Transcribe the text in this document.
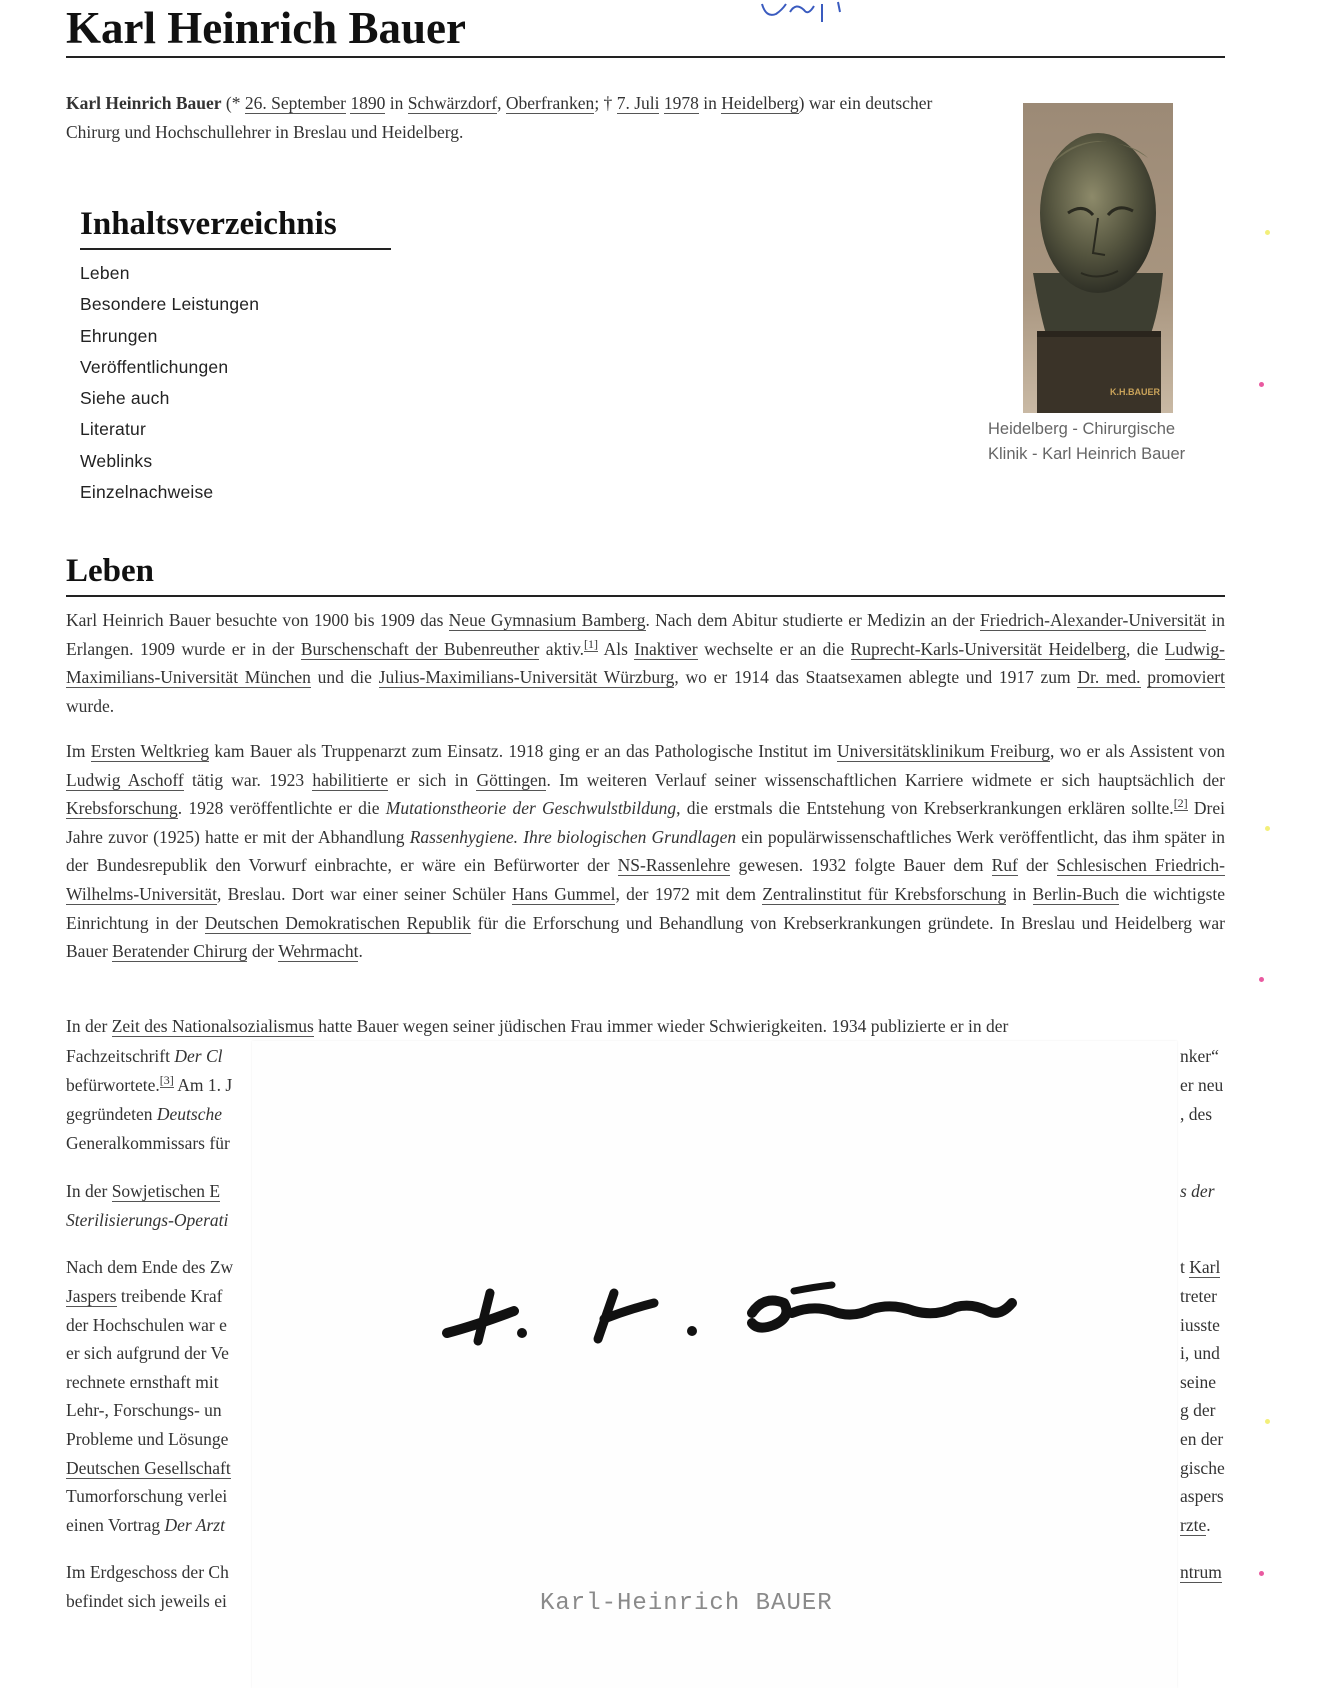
Karl Heinrich Bauer

Karl Heinrich Bauer (* 26. September 1890 in Schwärzdorf, Oberfranken; † 7. Juli 1978 in Heidelberg) war ein deutscher Chirurg und Hochschullehrer in Breslau und Heidelberg.

Inhaltsverzeichnis
Leben
Besondere Leistungen
Ehrungen
Veröffentlichungen
Siehe auch
Literatur
Weblinks
Einzelnachweise
K.H.BAUER
Heidelberg - Chirurgische Klinik - Karl Heinrich Bauer
Leben

Karl Heinrich Bauer besuchte von 1900 bis 1909 das Neue Gymnasium Bamberg. Nach dem Abitur studierte er Medizin an der Friedrich-Alexander-Universität in Erlangen. 1909 wurde er in der Burschenschaft der Bubenreuther aktiv.[1] Als Inaktiver wechselte er an die Ruprecht-Karls-Universität Heidelberg, die Ludwig-Maximilians-Universität München und die Julius-Maximilians-Universität Würzburg, wo er 1914 das Staatsexamen ablegte und 1917 zum Dr. med. promoviert wurde.

Im Ersten Weltkrieg kam Bauer als Truppenarzt zum Einsatz. 1918 ging er an das Pathologische Institut im Universitätsklinikum Freiburg, wo er als Assistent von Ludwig Aschoff tätig war. 1923 habilitierte er sich in Göttingen. Im weiteren Verlauf seiner wissenschaftlichen Karriere widmete er sich hauptsächlich der Krebsforschung. 1928 veröffentlichte er die Mutationstheorie der Geschwulstbildung, die erstmals die Entstehung von Krebserkrankungen erklären sollte.[2] Drei Jahre zuvor (1925) hatte er mit der Abhandlung Rassenhygiene. Ihre biologischen Grundlagen ein populärwissenschaftliches Werk veröffentlicht, das ihm später in der Bundesrepublik den Vorwurf einbrachte, er wäre ein Befürworter der NS-Rassenlehre gewesen. 1932 folgte Bauer dem Ruf der Schlesischen Friedrich-Wilhelms-Universität, Breslau. Dort war einer seiner Schüler Hans Gummel, der 1972 mit dem Zentralinstitut für Krebsforschung in Berlin-Buch die wichtigste Einrichtung in der Deutschen Demokratischen Republik für die Erforschung und Behandlung von Krebserkrankungen gründete. In Breslau und Heidelberg war Bauer Beratender Chirurg der Wehrmacht.

In der Zeit des Nationalsozialismus hatte Bauer wegen seiner jüdischen Frau immer wieder Schwierigkeiten. 1934 publizierte er in der

Fachzeitschrift Der Cl
befürwortete.[3] Am 1. J
gegründeten Deutsche
Generalkommissars für
In der Sowjetischen E
Sterilisierungs-Operati
Nach dem Ende des Zw
Jaspers treibende Kraf
der Hochschulen war e
er sich aufgrund der Ve
rechnete ernsthaft mit
Lehr-, Forschungs- un
Probleme und Lösunge
Deutschen Gesellschaft
Tumorforschung verlei
einen Vortrag Der Arzt
Im Erdgeschoss der Ch
befindet sich jeweils ei
nker“
er neu
, des
s der
t Karl
treter
iusste
i, und
seine
g der
en der
gische
aspers
rzte.
ntrum
Karl-Heinrich BAUER
